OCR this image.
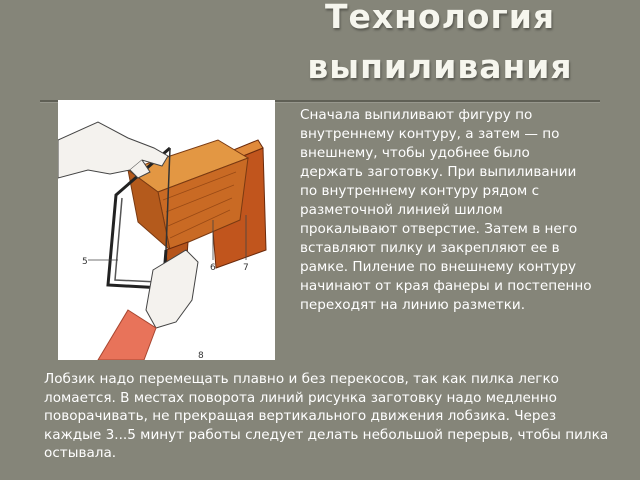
Технология выпиливания
5
6	7
8
Сначала выпиливают фигуру по внутреннему контуру, а затем — по внешнему, чтобы удобнее было держать заготовку. При выпиливании по внутреннему контуру рядом с разметочной линией шилом прокалывают отверстие. Затем в него вставляют пилку и закрепляют ее в рамке. Пиление по внешнему контуру начинают от края фанеры и постепенно переходят на линию разметки.
Лобзик надо перемещать плавно и без перекосов, так как пилка легко ломается. В местах поворота линий рисунка заготовку надо медленно поворачивать, не прекращая вертикального движения лобзика. Через каждые 3...5 минут работы следует делать небольшой перерыв, чтобы пилка остывала.
